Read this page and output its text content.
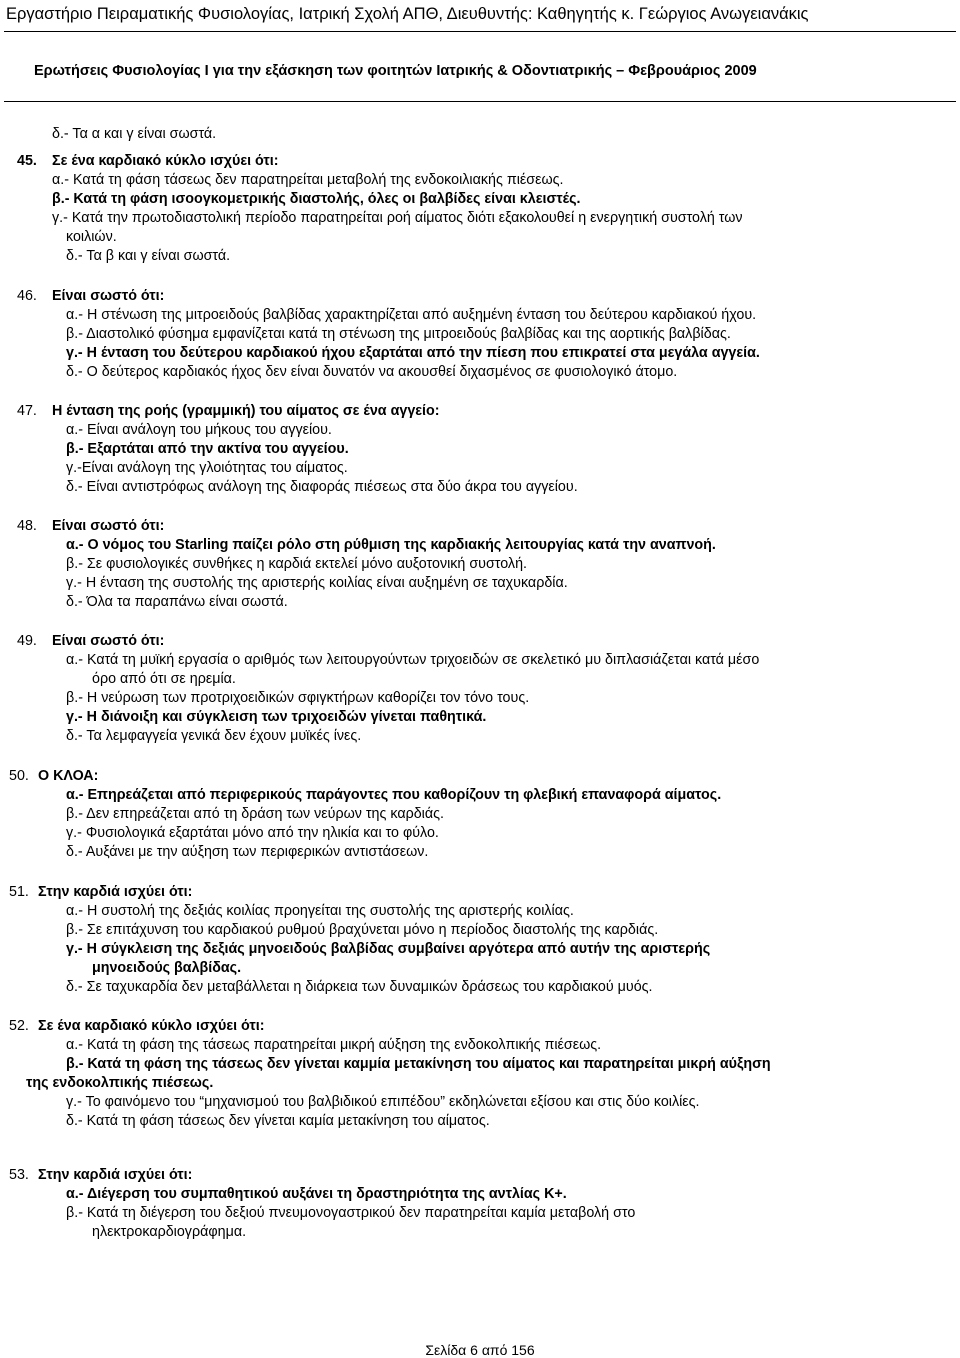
Εργαστήριο Πειραματικής Φυσιολογίας, Ιατρική Σχολή ΑΠΘ, Διευθυντής: Καθηγητής κ. Γεώργιος Ανωγειανάκις
Ερωτήσεις Φυσιολογίας Ι για την εξάσκηση των φοιτητών Ιατρικής & Οδοντιατρικής – Φεβρουάριος 2009
δ.- Τα α και γ είναι σωστά.
45. Σε ένα καρδιακό κύκλο ισχύει ότι:
α.- Κατά τη φάση τάσεως δεν παρατηρείται μεταβολή της ενδοκοιλιακής πιέσεως.
β.- Κατά τη φάση ισοογκομετρικής διαστολής, όλες οι βαλβίδες είναι κλειστές.
γ.- Κατά την πρωτοδιαστολική περίοδο παρατηρείται ροή αίματος διότι εξακολουθεί η ενεργητική συστολή των
κοιλιών.
δ.- Τα β και γ είναι σωστά.
46. Είναι σωστό ότι:
α.- Η στένωση της μιτροειδούς βαλβίδας χαρακτηρίζεται από αυξημένη ένταση του δεύτερου καρδιακού ήχου.
β.- Διαστολικό φύσημα εμφανίζεται κατά τη στένωση της μιτροειδούς βαλβίδας και της αορτικής βαλβίδας.
γ.- Η ένταση του δεύτερου καρδιακού ήχου εξαρτάται από την πίεση που επικρατεί στα μεγάλα αγγεία.
δ.- Ο δεύτερος καρδιακός ήχος δεν είναι δυνατόν να ακουσθεί διχασμένος σε φυσιολογικό άτομο.
47. Η ένταση της ροής (γραμμική) του αίματος σε ένα αγγείο:
α.- Είναι ανάλογη του μήκους του αγγείου.
β.- Εξαρτάται από την ακτίνα του αγγείου.
γ.-Είναι ανάλογη της γλοιότητας του αίματος.
δ.- Είναι αντιστρόφως ανάλογη της διαφοράς πιέσεως στα δύο άκρα του αγγείου.
48. Είναι σωστό ότι:
α.- Ο νόμος του Starling παίζει ρόλο στη ρύθμιση της καρδιακής λειτουργίας κατά την αναπνοή.
β.- Σε φυσιολογικές συνθήκες η καρδιά εκτελεί μόνο αυξοτονική συστολή.
γ.- Η ένταση της συστολής της αριστερής κοιλίας είναι αυξημένη σε ταχυκαρδία.
δ.- Όλα τα παραπάνω είναι σωστά.
49. Είναι σωστό ότι:
α.- Κατά τη μυϊκή εργασία ο αριθμός των λειτουργούντων τριχοειδών σε σκελετικό μυ διπλασιάζεται κατά μέσο
όρο από ότι σε ηρεμία.
β.- Η νεύρωση των προτριχοειδικών σφιγκτήρων καθορίζει τον τόνο τους.
γ.- Η διάνοιξη και σύγκλειση των τριχοειδών γίνεται παθητικά.
δ.- Τα λεμφαγγεία γενικά δεν έχουν μυϊκές ίνες.
50. Ο ΚΛΟΑ:
α.- Επηρεάζεται από περιφερικούς παράγοντες που καθορίζουν τη φλεβική επαναφορά αίματος.
β.- Δεν επηρεάζεται από τη δράση των νεύρων της καρδιάς.
γ.- Φυσιολογικά εξαρτάται μόνο από την ηλικία και το φύλο.
δ.- Αυξάνει με την αύξηση των περιφερικών αντιστάσεων.
51. Στην καρδιά ισχύει ότι:
α.- Η συστολή της δεξιάς κοιλίας προηγείται της συστολής της αριστερής κοιλίας.
β.- Σε επιτάχυνση του καρδιακού ρυθμού βραχύνεται μόνο η περίοδος διαστολής της καρδιάς.
γ.- Η σύγκλειση της δεξιάς μηνοειδούς βαλβίδας συμβαίνει αργότερα από αυτήν της αριστερής
μηνοειδούς βαλβίδας.
δ.- Σε ταχυκαρδία δεν μεταβάλλεται η διάρκεια των δυναμικών δράσεως του καρδιακού μυός.
52. Σε ένα καρδιακό κύκλο ισχύει ότι:
α.- Κατά τη φάση της τάσεως παρατηρείται μικρή αύξηση της ενδοκολπικής πιέσεως.
β.- Κατά τη φάση της τάσεως δεν γίνεται καμμία μετακίνηση του αίματος και παρατηρείται μικρή αύξηση
της ενδοκολπικής πιέσεως.
γ.- Το φαινόμενο του “μηχανισμού του βαλβιδικού επιπέδου” εκδηλώνεται εξίσου και στις δύο κοιλίες.
δ.- Κατά τη φάση τάσεως δεν γίνεται καμία μετακίνηση του αίματος.
53. Στην καρδιά ισχύει ότι:
α.- Διέγερση του συμπαθητικού αυξάνει τη δραστηριότητα της αντλίας Κ+.
β.- Κατά τη διέγερση του δεξιού πνευμονογαστρικού δεν παρατηρείται καμία μεταβολή στο
ηλεκτροκαρδιογράφημα.
Σελίδα 6 από 156
